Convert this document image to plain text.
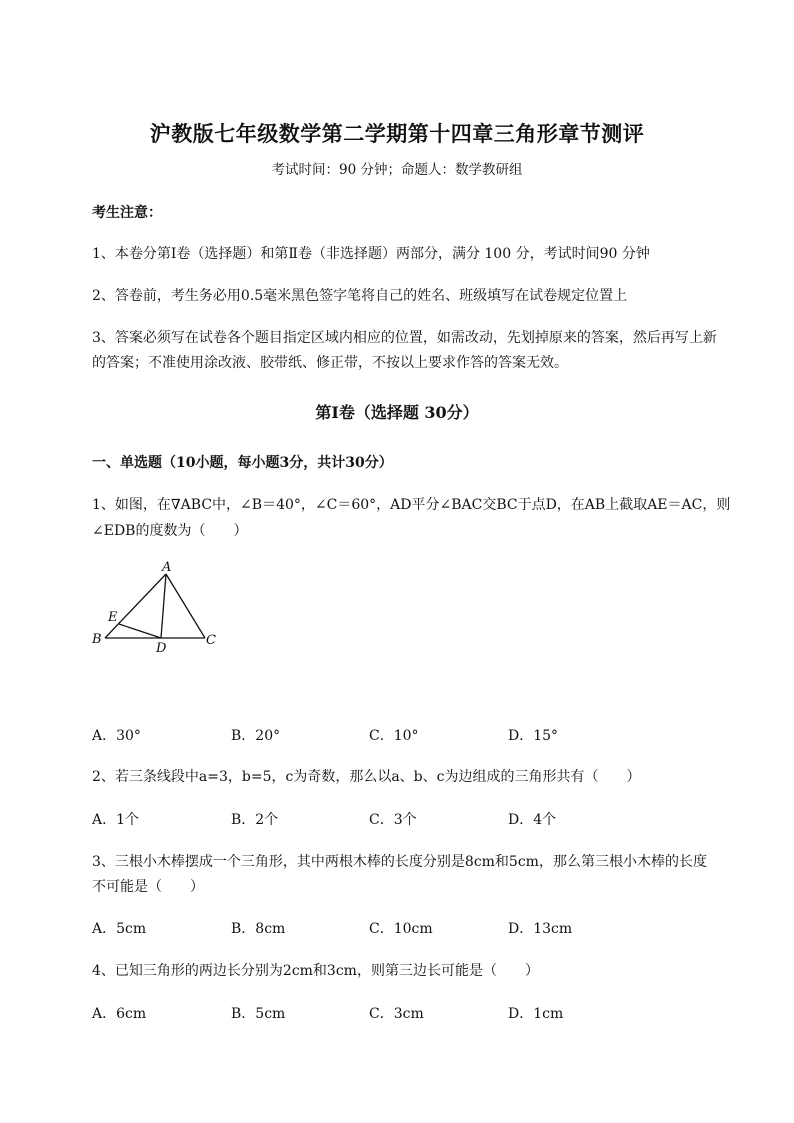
沪教版七年级数学第二学期第十四章三角形章节测评
考试时间：90 分钟；命题人：数学教研组
考生注意：
1、本卷分第Ⅰ卷（选择题）和第Ⅱ卷（非选择题）两部分，满分 100 分，考试时间90 分钟
2、答卷前，考生务必用0.5毫米黑色签字笔将自己的姓名、班级填写在试卷规定位置上
3、答案必须写在试卷各个题目指定区域内相应的位置，如需改动，先划掉原来的答案，然后再写上新
的答案；不准使用涂改液、胶带纸、修正带，不按以上要求作答的答案无效。
第Ⅰ卷（选择题 30分）
一、单选题（10小题，每小题3分，共计30分）
1、如图，在∇ABC中，∠B＝40°，∠C＝60°，AD平分∠BAC交BC于点D，在AB上截取AE＝AC，则
∠EDB的度数为（　　）
A
B	C
D
E
A．30°	B．20°	C．10°	D．15°
2、若三条线段中a=3，b=5，c为奇数，那么以a、b、c为边组成的三角形共有（　　）
A．1个	B．2个	C．3个	D．4个
3、三根小木棒摆成一个三角形，其中两根木棒的长度分别是8cm和5cm，那么第三根小木棒的长度
不可能是（　　）
A．5cm	B．8cm	C．10cm	D．13cm
4、已知三角形的两边长分别为2cm和3cm，则第三边长可能是（　　）
A．6cm	B．5cm	C．3cm	D．1cm
